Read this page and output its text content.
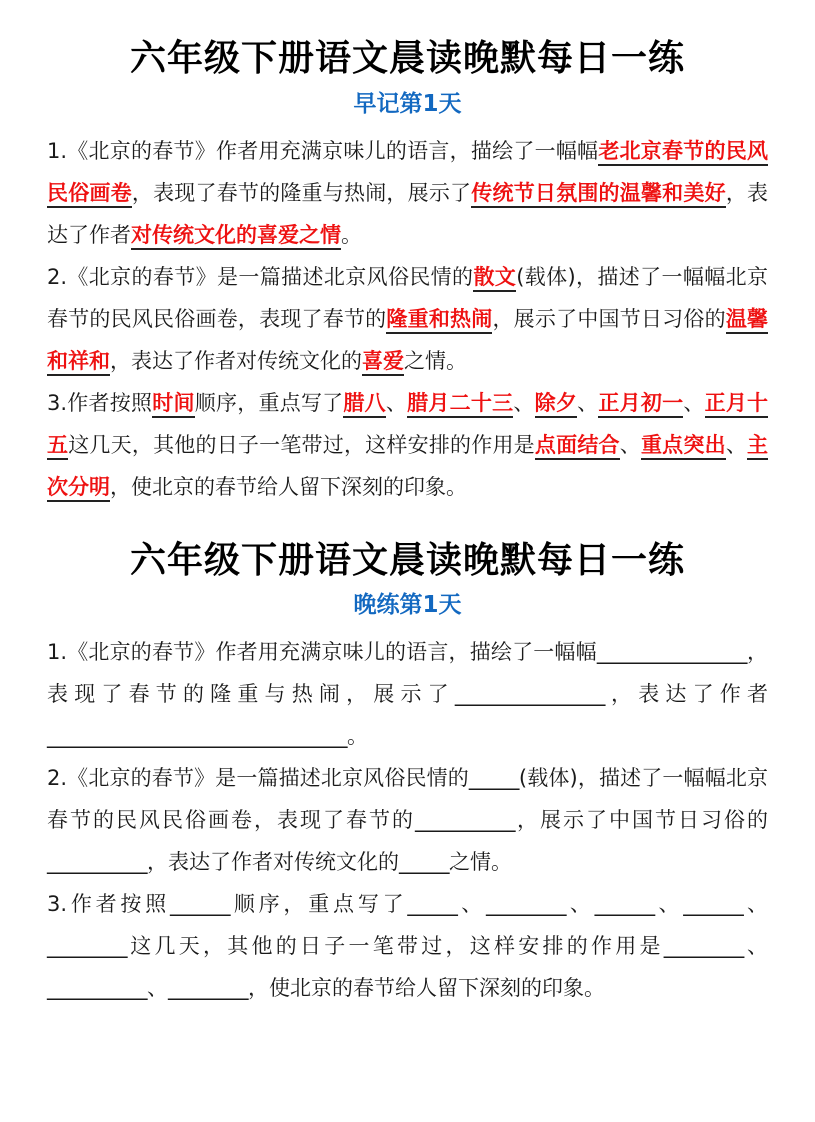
六年级下册语文晨读晚默每日一练
早记第1天

1.《北京的春节》作者用充满京味儿的语言，描绘了一幅幅老北京春节的民风民俗画卷，表现了春节的隆重与热闹，展示了传统节日氛围的温馨和美好，表达了作者对传统文化的喜爱之情。

2.《北京的春节》是一篇描述北京风俗民情的散文(载体)，描述了一幅幅北京春节的民风民俗画卷，表现了春节的隆重和热闹，展示了中国节日习俗的温馨和祥和，表达了作者对传统文化的喜爱之情。

3.作者按照时间顺序，重点写了腊八、腊月二十三、除夕、正月初一、正月十五这几天，其他的日子一笔带过，这样安排的作用是点面结合、重点突出、主次分明，使北京的春节给人留下深刻的印象。

六年级下册语文晨读晚默每日一练
晚练第1天

1.《北京的春节》作者用充满京味儿的语言，描绘了一幅幅_______________，表现了春节的隆重与热闹，展示了_______________，表达了作者______________________________。

2.《北京的春节》是一篇描述北京风俗民情的_____(载体)，描述了一幅幅北京春节的民风民俗画卷，表现了春节的__________，展示了中国节日习俗的__________，表达了作者对传统文化的_____之情。

3.作者按照______顺序，重点写了_____、________、______、______、________这几天，其他的日子一笔带过，这样安排的作用是________、__________、________，使北京的春节给人留下深刻的印象。
